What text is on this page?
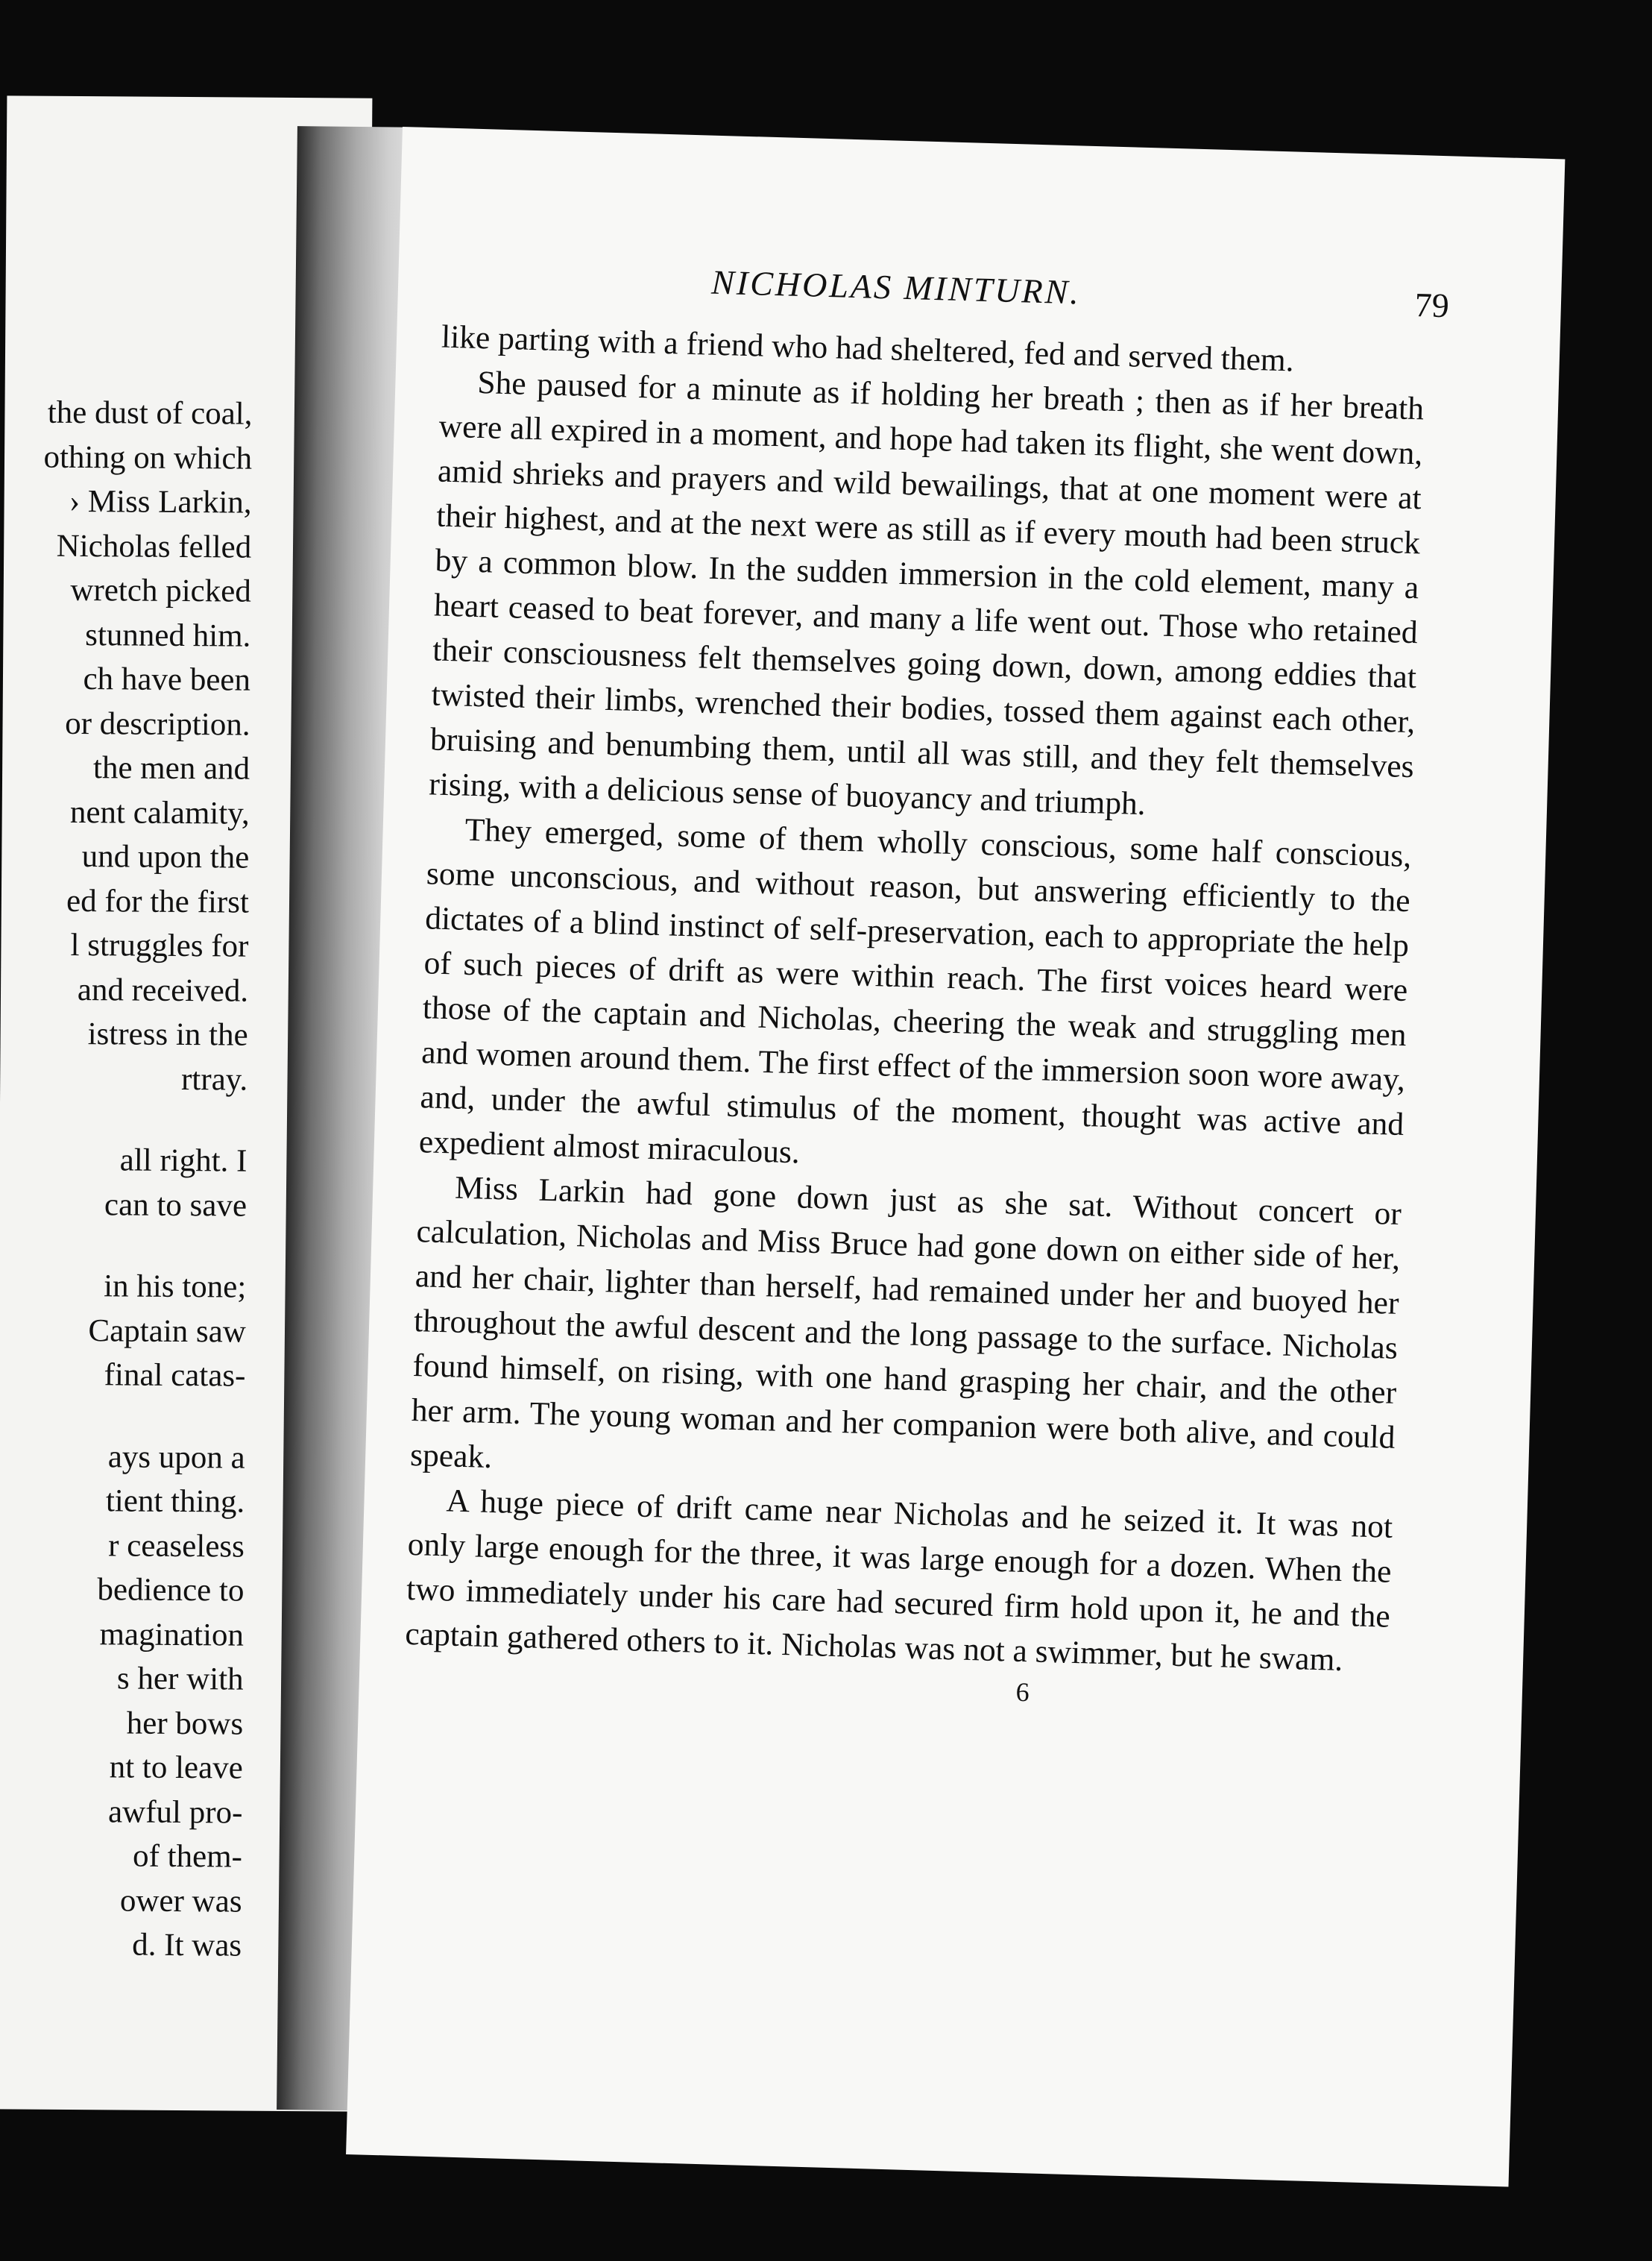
the dust of coal,
othing on which
› Miss Larkin,
Nicholas felled
wretch picked
stunned him.
ch have been
or description.
the men and
nent calamity,
und upon the
ed for the first
l struggles for
and received.
istress in the
rtray.
all right. I
can to save
in his tone;
Captain saw
final catas-
ays upon a
tient thing.
r ceaseless
bedience to
magination
s her with
her bows
nt to leave
awful pro-
of them-
ower was
d. It was
NICHOLAS MINTURN.	79

like parting with a friend who had sheltered, fed and served them.

She paused for a minute as if holding her breath ; then as if her breath were all expired in a moment, and hope had taken its flight, she went down, amid shrieks and prayers and wild bewailings, that at one moment were at their highest, and at the next were as still as if every mouth had been struck by a common blow. In the sudden immersion in the cold element, many a heart ceased to beat forever, and many a life went out. Those who retained their consciousness felt themselves going down, down, among eddies that twisted their limbs, wrenched their bodies, tossed them against each other, bruising and benumbing them, until all was still, and they felt themselves rising, with a delicious sense of buoyancy and triumph.

They emerged, some of them wholly conscious, some half conscious, some unconscious, and without reason, but answering efficiently to the dictates of a blind instinct of self-preservation, each to appropriate the help of such pieces of drift as were within reach. The first voices heard were those of the captain and Nicholas, cheering the weak and struggling men and women around them. The first effect of the immersion soon wore away, and, under the awful stimulus of the moment, thought was active and expedient almost miraculous.

Miss Larkin had gone down just as she sat. Without concert or calculation, Nicholas and Miss Bruce had gone down on either side of her, and her chair, lighter than herself, had remained under her and buoyed her throughout the awful descent and the long passage to the surface. Nicholas found himself, on rising, with one hand grasping her chair, and the other her arm. The young woman and her companion were both alive, and could speak.

A huge piece of drift came near Nicholas and he seized it. It was not only large enough for the three, it was large enough for a dozen. When the two immediately under his care had secured firm hold upon it, he and the captain gathered others to it. Nicholas was not a swimmer, but he swam.

6
